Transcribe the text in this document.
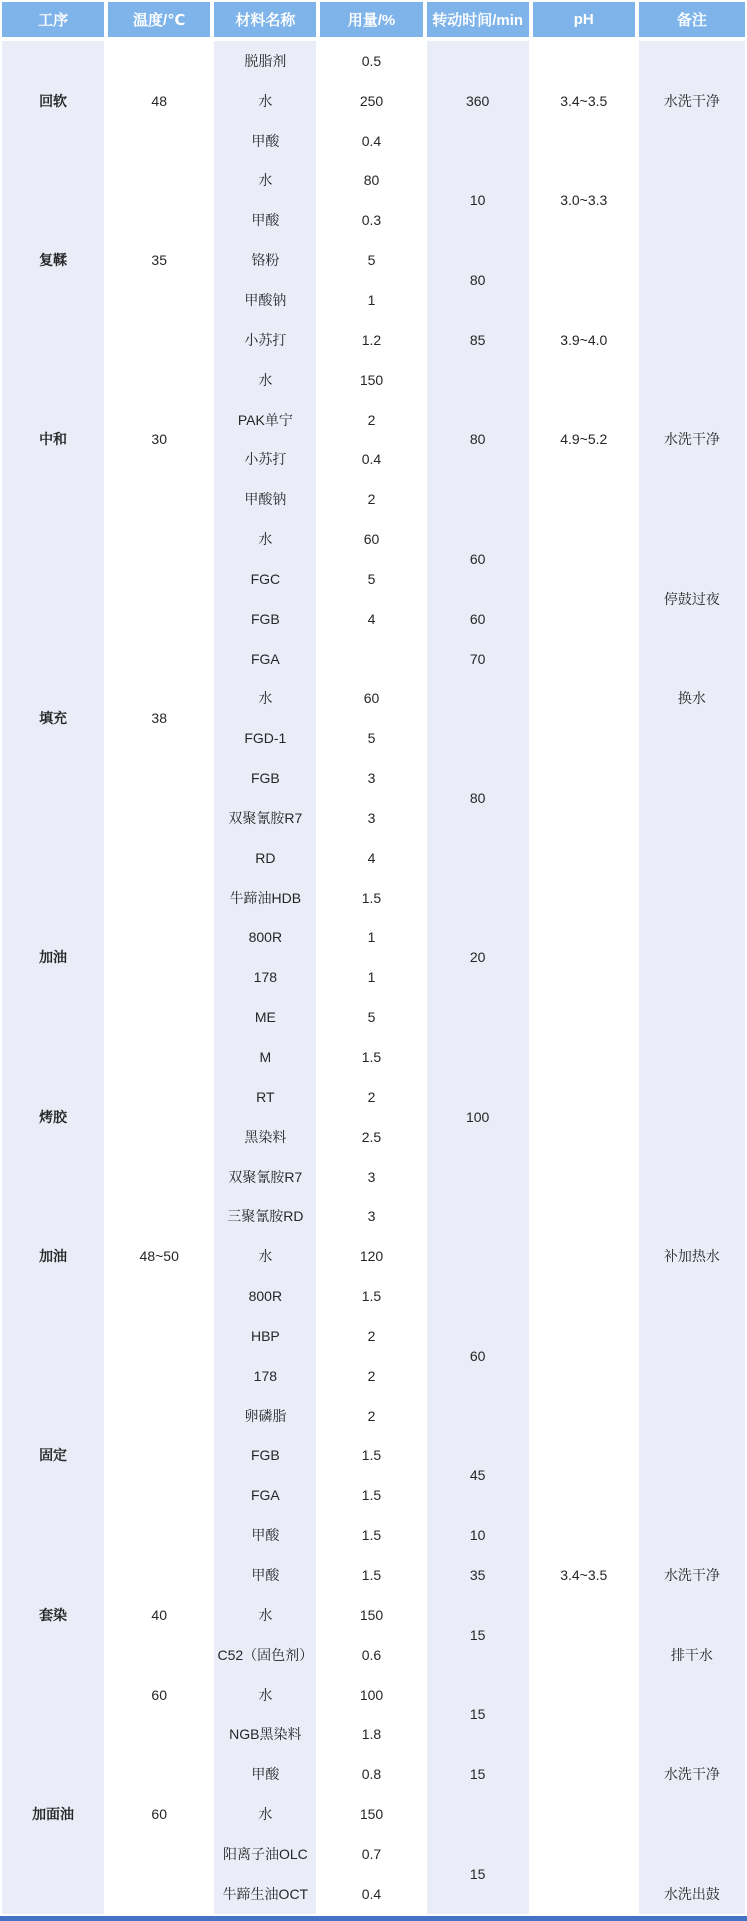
工序	温度/℃	材料名称	用量/%	转动时间/min	pH	备注
回软	48	脱脂剂	0.5	360	3.4~3.5	水洗干净
		水	250			
		甲酸	0.4			
复鞣	35	水	80	10	3.0~3.3	
		甲酸	0.3			
		铬粉	5	80		
		甲酸钠	1			
		小苏打	1.2	85	3.9~4.0	
中和	30	水	150	80	4.9~5.2	水洗干净
		PAK单宁	2			
		小苏打	0.4			
		甲酸钠	2			
		水	60	60		停鼓过夜
填充	38	FGC	5			
		FGB	4	60		
		FGA		70		
		水	60			换水
		FGD-1	5	80		
		FGB	3			
		双聚氰胺R7	3			
		RD	4			
加油		牛蹄油HDB	1.5	20		
		800R	1			
		178	1			
		ME	5			
烤胶		M	1.5	100		
		RT	2			
		黑染料	2.5			
		双聚氰胺R7	3			
		三聚氰胺RD	3			
加油	48~50	水	120			补加热水
		800R	1.5	60		
		HBP	2			
		178	2			
		卵磷脂	2			
固定		FGB	1.5	45		
		FGA	1.5			
		甲酸	1.5	10		
		甲酸	1.5	35	3.4~3.5	水洗干净
套染	40	水	150	15		
		C52（固色剂）	0.6			排干水
	60	水	100	15		
		NGB黑染料	1.8			
		甲酸	0.8	15		水洗干净
加面油	60	水	150			
		阳离子油OLC	0.7	15		
		牛蹄生油OCT	0.4			水洗出鼓
